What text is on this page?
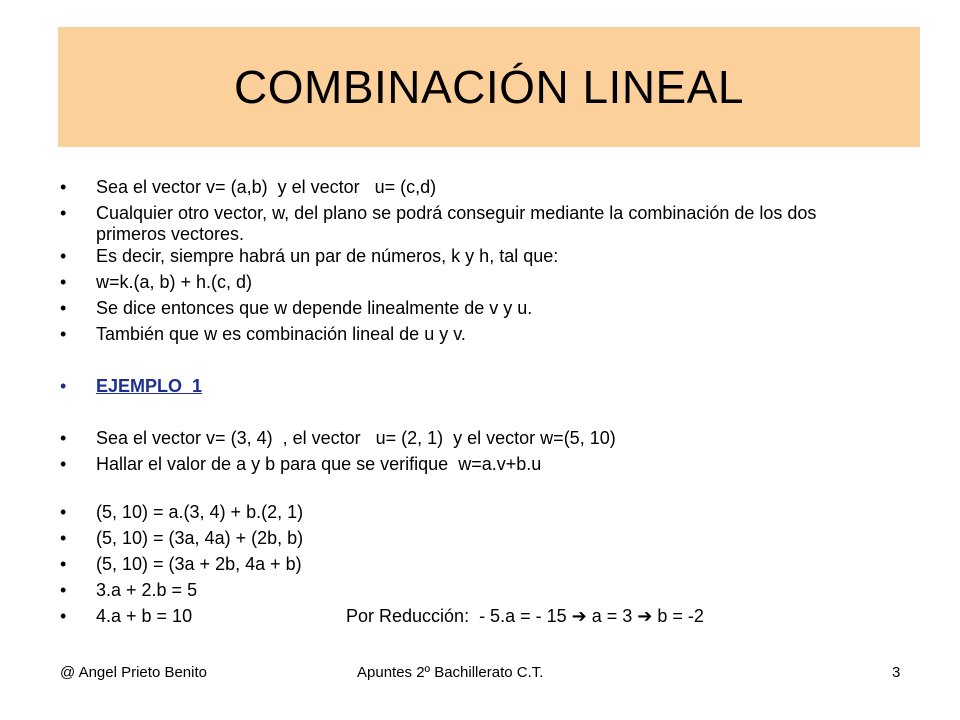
COMBINACIÓN LINEAL
• Sea el vector v= (a,b)  y el vector   u= (c,d)
• Cualquier otro vector, w, del plano se podrá conseguir mediante la combinación de los dos primeros vectores.
• Es decir, siempre habrá un par de números, k y h, tal que:
• w=k.(a, b) + h.(c, d)
• Se dice entonces que w depende linealmente de v y u.
• También que w es combinación lineal de u y v.
• EJEMPLO  1
• Sea el vector v= (3, 4)  , el vector   u= (2, 1)  y el vector w=(5, 10)
• Hallar el valor de a y b para que se verifique  w=a.v+b.u
• (5, 10) = a.(3, 4) + b.(2, 1)
• (5, 10) = (3a, 4a) + (2b, b)
• (5, 10) = (3a + 2b, 4a + b)
• 3.a + 2.b = 5
• 4.a + b = 10	Por Reducción:  - 5.a = - 15 ➔ a = 3 ➔ b = -2
@ Angel Prieto Benito	Apuntes 2º Bachillerato C.T.	3
